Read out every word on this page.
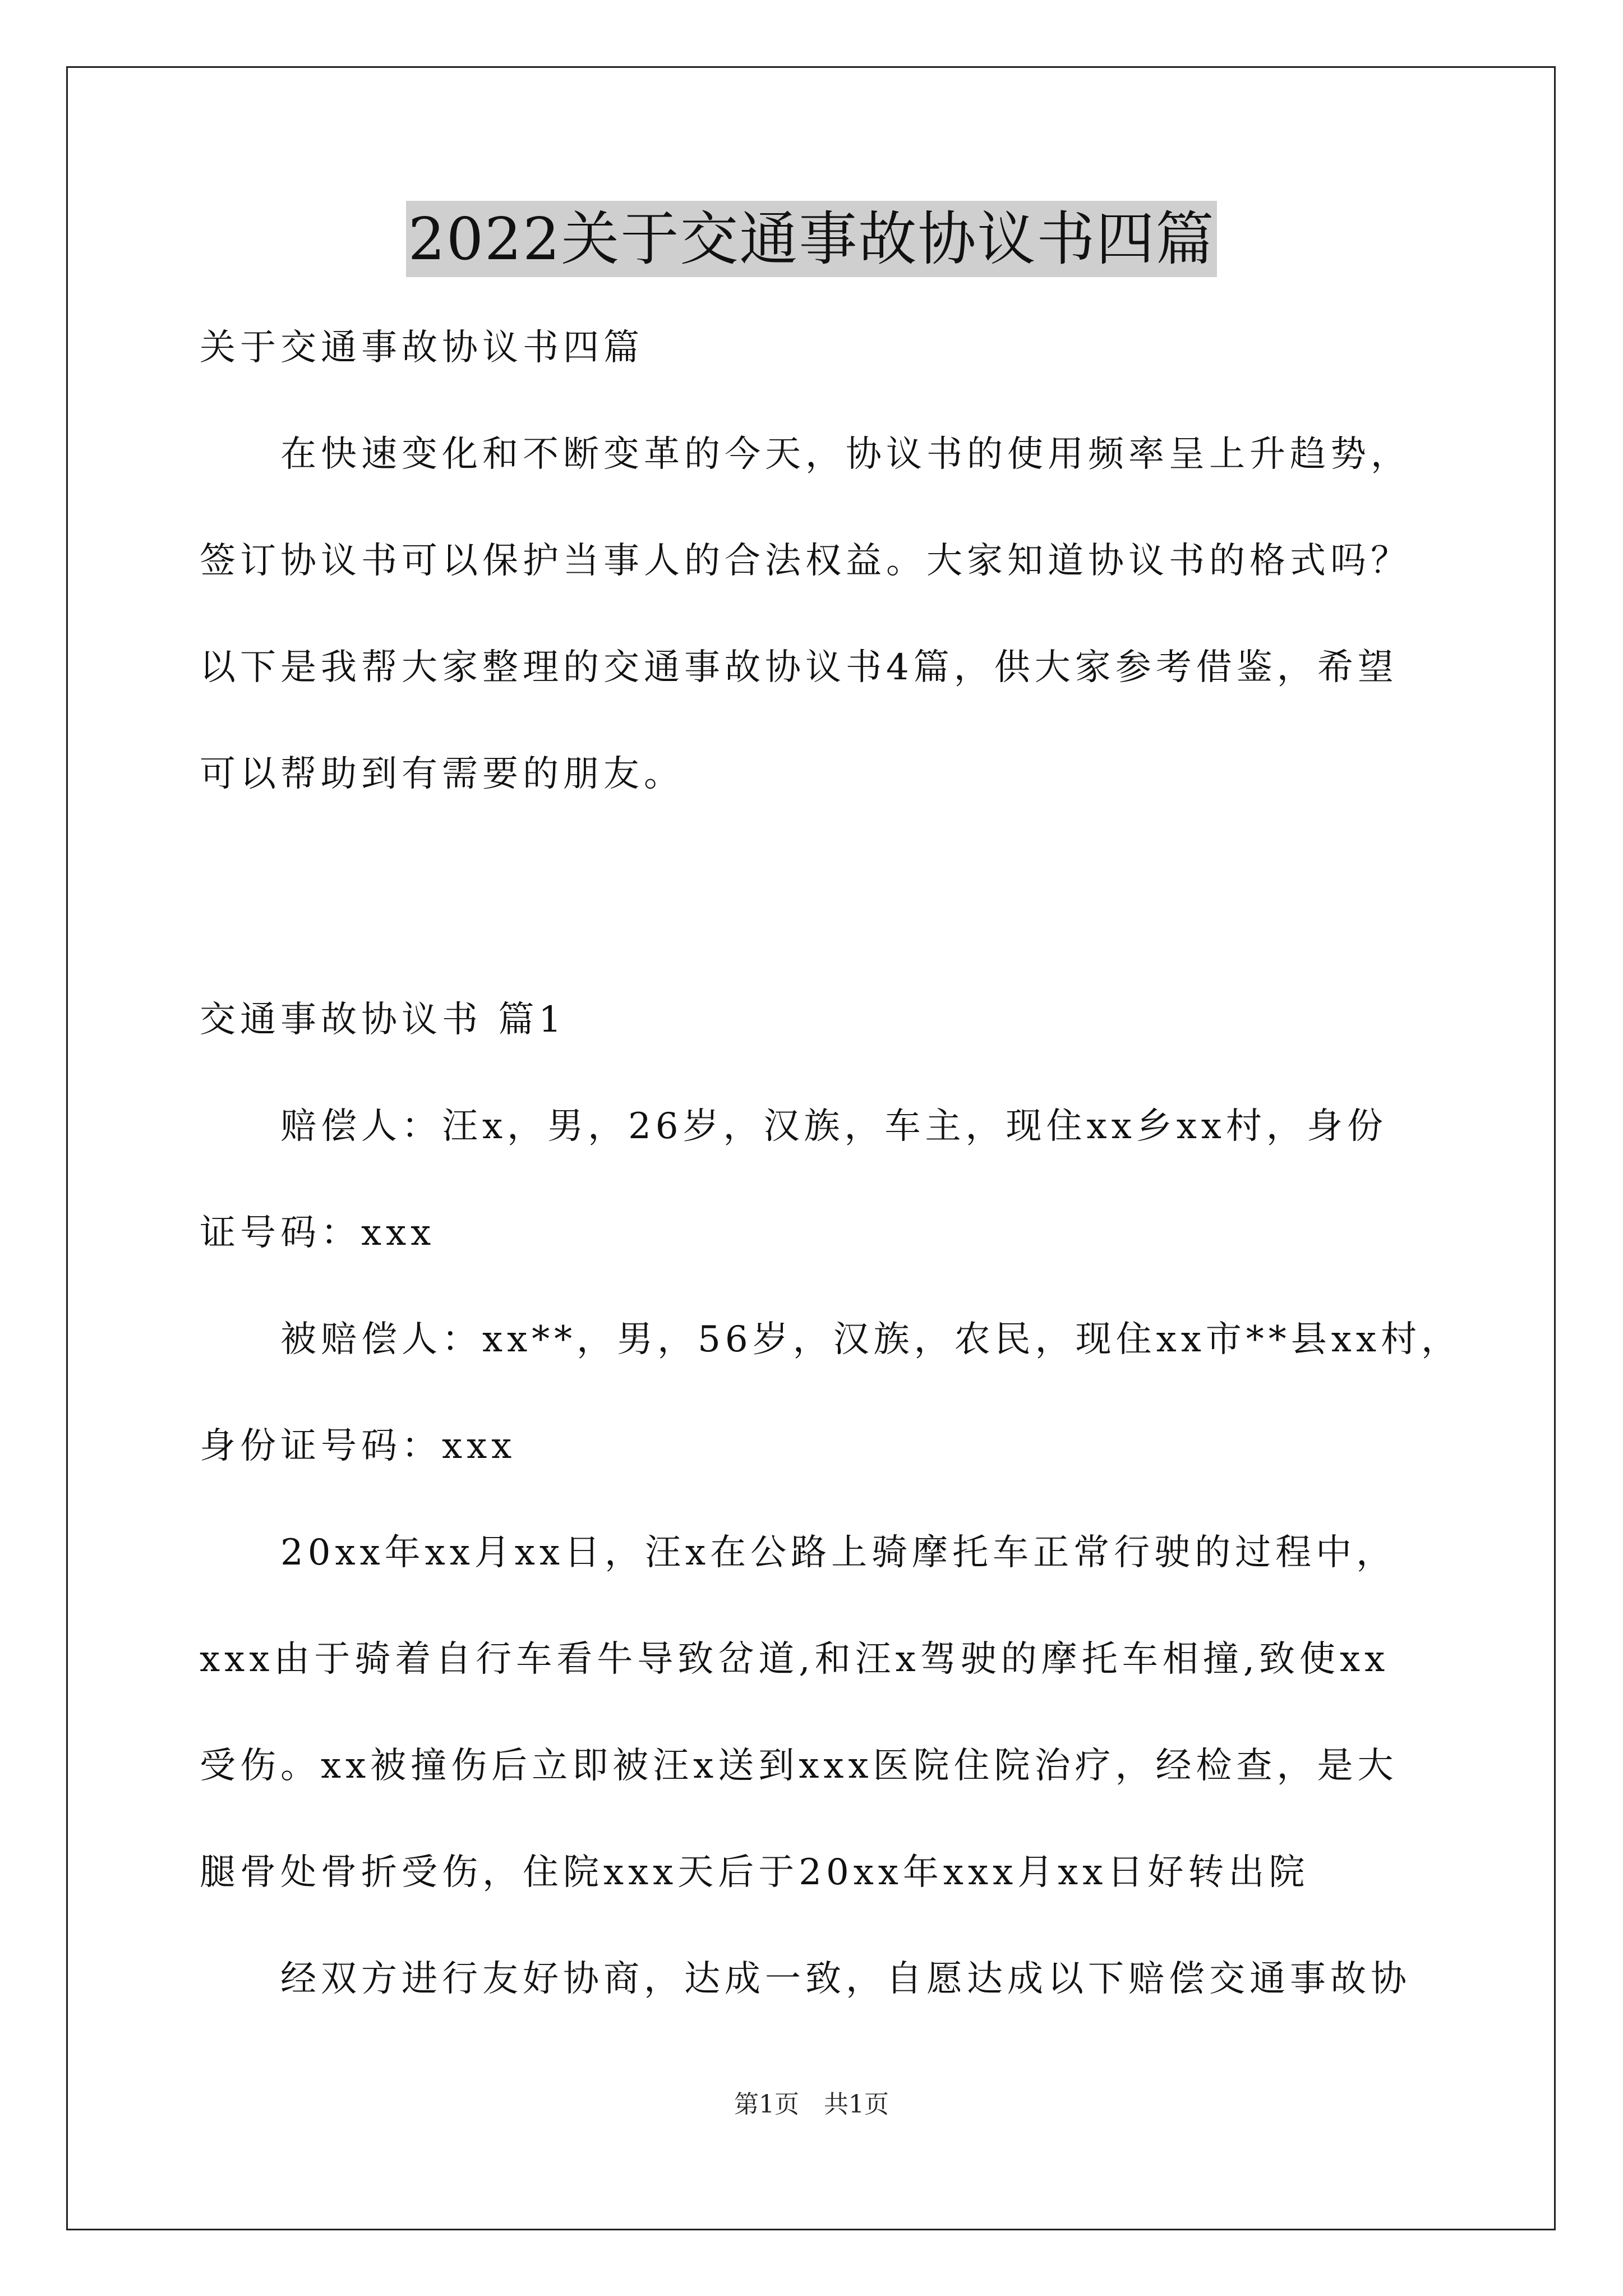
2022关于交通事故协议书四篇
关于交通事故协议书四篇
在快速变化和不断变革的今天，协议书的使用频率呈上升趋势，
签订协议书可以保护当事人的合法权益。大家知道协议书的格式吗？
以下是我帮大家整理的交通事故协议书4篇，供大家参考借鉴，希望
可以帮助到有需要的朋友。
交通事故协议书 篇1
赔偿人：汪x，男，26岁，汉族，车主，现住xx乡xx村，身份
证号码：xxx
被赔偿人：xx**，男，56岁，汉族，农民，现住xx市**县xx村，
身份证号码：xxx
20xx年xx月xx日，汪x在公路上骑摩托车正常行驶的过程中，
xxx由于骑着自行车看牛导致岔道,和汪x驾驶的摩托车相撞,致使xx
受伤。xx被撞伤后立即被汪x送到xxx医院住院治疗，经检查，是大
腿骨处骨折受伤，住院xxx天后于20xx年xxx月xx日好转出院
经双方进行友好协商，达成一致，自愿达成以下赔偿交通事故协
第1页　共1页
